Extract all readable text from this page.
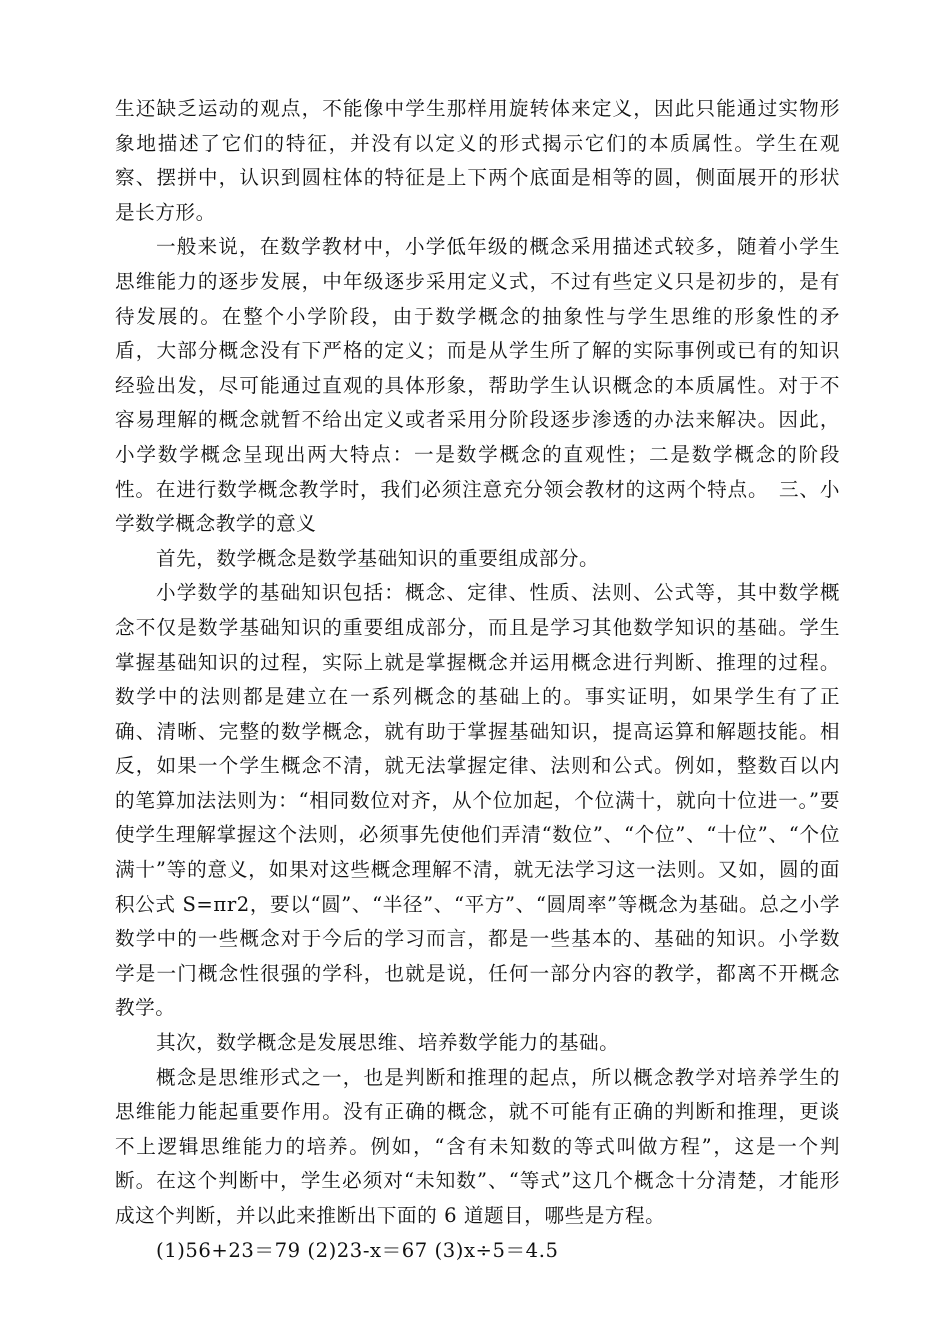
生还缺乏运动的观点，不能像中学生那样用旋转体来定义，因此只能通过实物形象地描述了它们的特征，并没有以定义的形式揭示它们的本质属性。学生在观察、摆拼中，认识到圆柱体的特征是上下两个底面是相等的圆，侧面展开的形状是长方形。

一般来说，在数学教材中，小学低年级的概念采用描述式较多，随着小学生思维能力的逐步发展，中年级逐步采用定义式，不过有些定义只是初步的，是有待发展的。在整个小学阶段，由于数学概念的抽象性与学生思维的形象性的矛盾，大部分概念没有下严格的定义；而是从学生所了解的实际事例或已有的知识经验出发，尽可能通过直观的具体形象，帮助学生认识概念的本质属性。对于不容易理解的概念就暂不给出定义或者采用分阶段逐步渗透的办法来解决。因此，小学数学概念呈现出两大特点：一是数学概念的直观性；二是数学概念的阶段性。在进行数学概念教学时，我们必须注意充分领会教材的这两个特点。　三、小学数学概念教学的意义

首先，数学概念是数学基础知识的重要组成部分。

小学数学的基础知识包括：概念、定律、性质、法则、公式等，其中数学概念不仅是数学基础知识的重要组成部分，而且是学习其他数学知识的基础。学生掌握基础知识的过程，实际上就是掌握概念并运用概念进行判断、推理的过程。数学中的法则都是建立在一系列概念的基础上的。事实证明，如果学生有了正确、清晰、完整的数学概念，就有助于掌握基础知识，提高运算和解题技能。相反，如果一个学生概念不清，就无法掌握定律、法则和公式。例如，整数百以内的笔算加法法则为：“相同数位对齐，从个位加起，个位满十，就向十位进一。”要使学生理解掌握这个法则，必须事先使他们弄清“数位”、“个位”、“十位”、“个位满十”等的意义，如果对这些概念理解不清，就无法学习这一法则。又如，圆的面积公式 S=πr2，要以“圆”、“半径”、“平方”、“圆周率”等概念为基础。总之小学数学中的一些概念对于今后的学习而言，都是一些基本的、基础的知识。小学数学是一门概念性很强的学科，也就是说，任何一部分内容的教学，都离不开概念教学。

其次，数学概念是发展思维、培养数学能力的基础。

概念是思维形式之一，也是判断和推理的起点，所以概念教学对培养学生的思维能力能起重要作用。没有正确的概念，就不可能有正确的判断和推理，更谈不上逻辑思维能力的培养。例如，“含有未知数的等式叫做方程”，这是一个判断。在这个判断中，学生必须对“未知数”、“等式”这几个概念十分清楚，才能形成这个判断，并以此来推断出下面的 6 道题目，哪些是方程。

(1)56+23＝79 (2)23-x＝67 (3)x÷5＝4.5
